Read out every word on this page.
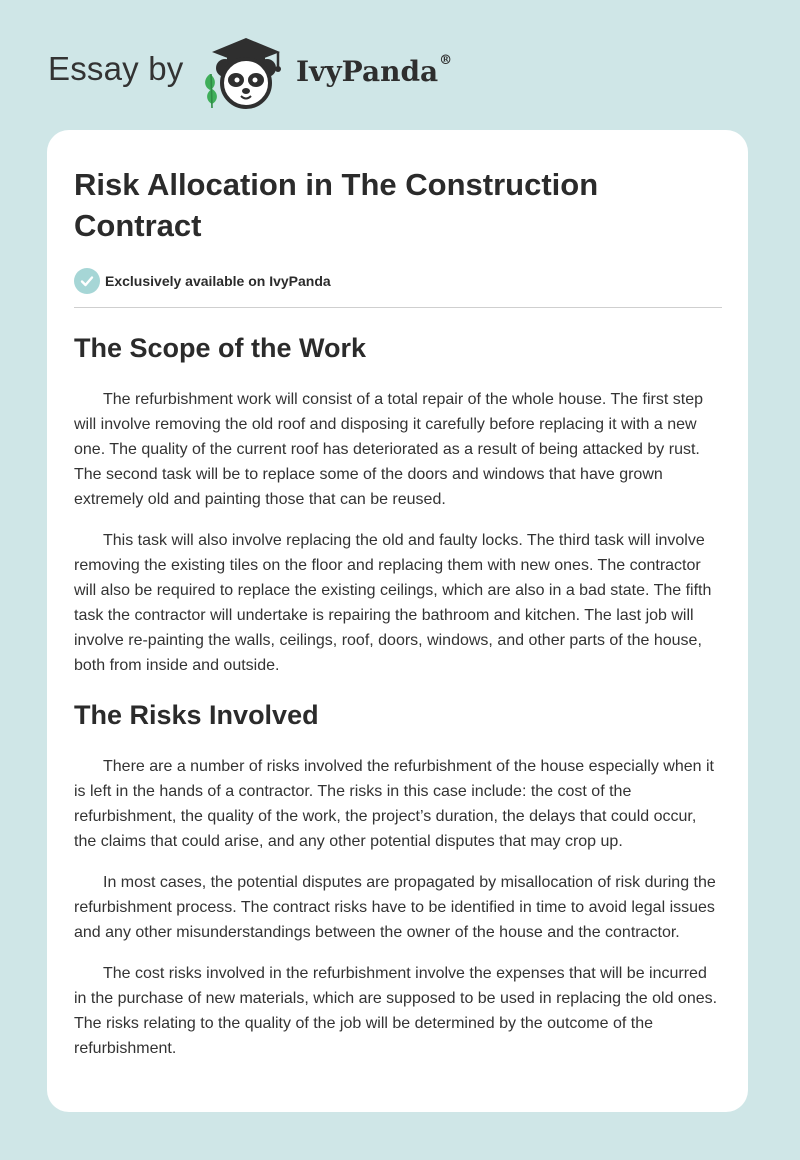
Essay by	IvyPanda®
Risk Allocation in The Construction Contract
Exclusively available on IvyPanda
The Scope of the Work

The refurbishment work will consist of a total repair of the whole house. The first step will involve removing the old roof and disposing it carefully before replacing it with a new one. The quality of the current roof has deteriorated as a result of being attacked by rust. The second task will be to replace some of the doors and windows that have grown extremely old and painting those that can be reused.

This task will also involve replacing the old and faulty locks. The third task will involve removing the existing tiles on the floor and replacing them with new ones. The contractor will also be required to replace the existing ceilings, which are also in a bad state. The fifth task the contractor will undertake is repairing the bathroom and kitchen. The last job will involve re-painting the walls, ceilings, roof, doors, windows, and other parts of the house, both from inside and outside.

The Risks Involved

There are a number of risks involved the refurbishment of the house especially when it is left in the hands of a contractor. The risks in this case include: the cost of the refurbishment, the quality of the work, the project’s duration, the delays that could occur, the claims that could arise, and any other potential disputes that may crop up.

In most cases, the potential disputes are propagated by misallocation of risk during the refurbishment process. The contract risks have to be identified in time to avoid legal issues and any other misunderstandings between the owner of the house and the contractor.

The cost risks involved in the refurbishment involve the expenses that will be incurred in the purchase of new materials, which are supposed to be used in replacing the old ones. The risks relating to the quality of the job will be determined by the outcome of the refurbishment.
